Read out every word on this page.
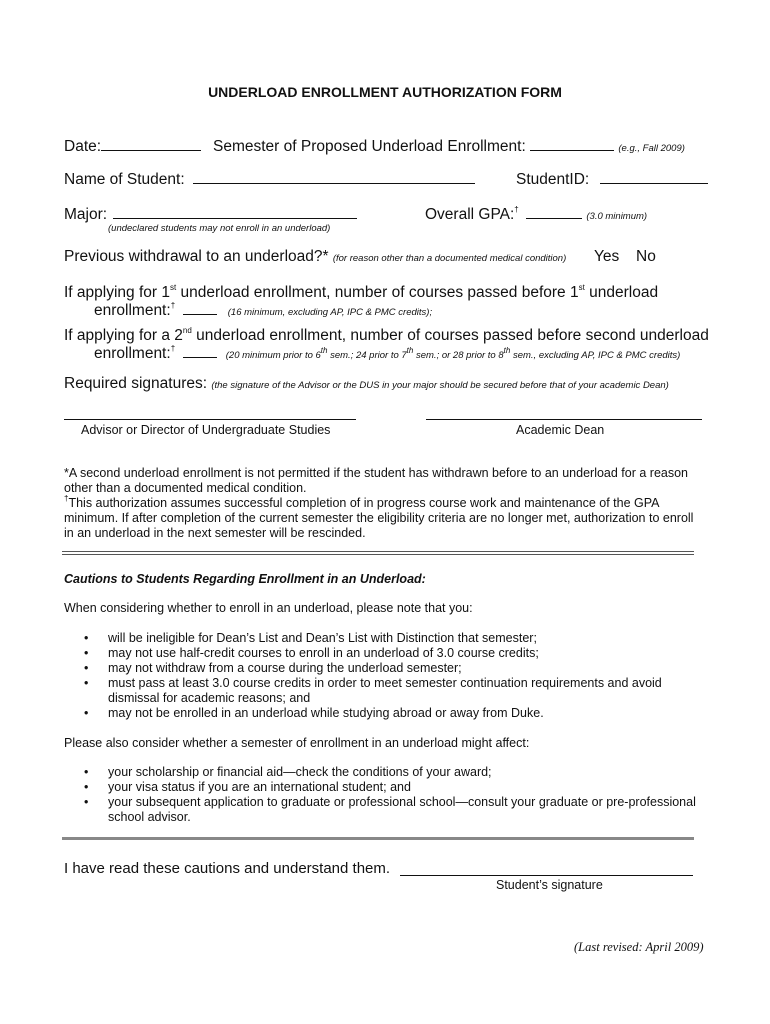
UNDERLOAD ENROLLMENT AUTHORIZATION FORM
Date:	Semester of Proposed Underload Enrollment:	(e.g., Fall 2009)
Name of Student:	StudentID:
Major:
(undeclared students may not enroll in an underload)
Overall GPA:†  (3.0 minimum)
Previous withdrawal to an underload?* (for reason other than a documented medical condition) Yes No
If applying for 1st underload enrollment, number of courses passed before 1st underload
enrollment:†  (16 minimum, excluding AP, IPC & PMC credits);
If applying for a 2nd underload enrollment, number of courses passed before second underload
enrollment:†  (20 minimum prior to 6th sem.; 24 prior to 7th sem.; or 28 prior to 8th sem., excluding AP, IPC & PMC credits)
Required signatures: (the signature of the Advisor or the DUS in your major should be secured before that of your academic Dean)
Advisor or Director of Undergraduate Studies	Academic Dean
*A second underload enrollment is not permitted if the student has withdrawn before to an underload for a reason other than a documented medical condition.
†This authorization assumes successful completion of in progress course work and maintenance of the GPA minimum. If after completion of the current semester the eligibility criteria are no longer met, authorization to enroll in an underload in the next semester will be rescinded.
Cautions to Students Regarding Enrollment in an Underload:
When considering whether to enroll in an underload, please note that you:
• will be ineligible for Dean’s List and Dean’s List with Distinction that semester;
• may not use half-credit courses to enroll in an underload of 3.0 course credits;
• may not withdraw from a course during the underload semester;
• must pass at least 3.0 course credits in order to meet semester continuation requirements and avoid dismissal for academic reasons; and
• may not be enrolled in an underload while studying abroad or away from Duke.
Please also consider whether a semester of enrollment in an underload might affect:
• your scholarship or financial aid—check the conditions of your award;
• your visa status if you are an international student; and
• your subsequent application to graduate or professional school—consult your graduate or pre-professional school advisor.
I have read these cautions and understand them.
Student’s signature
(Last revised: April 2009)
